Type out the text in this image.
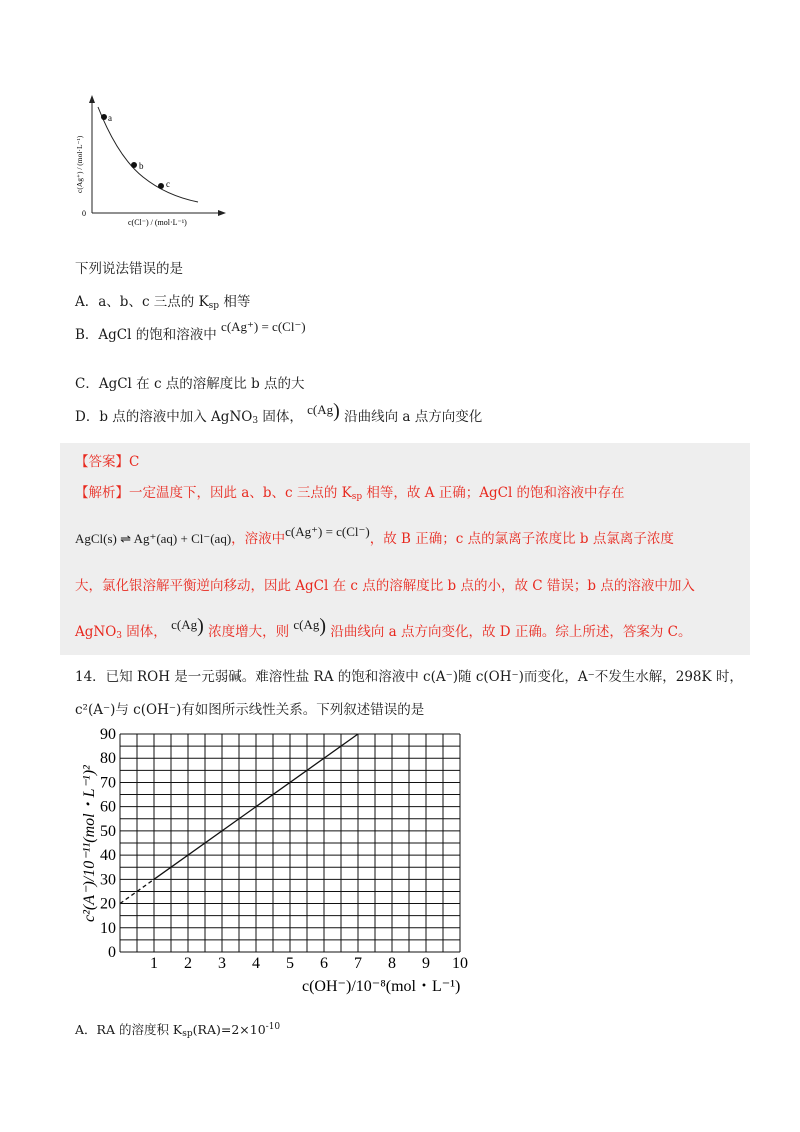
a
b
c
0
c(Cl⁻) / (mol·L⁻¹)
c(Ag⁺) / (mol·L⁻¹)
下列说法错误的是
A．a、b、c 三点的 $K_{sp}$ 相等
B．AgCl 的饱和溶液中 c(Ag⁺) = c(Cl⁻)
C．AgCl 在 c 点的溶解度比 b 点的大
D．b 点的溶液中加入 AgNO$_3$ 固体， c(Ag) 沿曲线向 a 点方向变化
【答案】C
【解析】一定温度下，因此 a、b、c 三点的 $K_{sp}$ 相等，故 A 正确；AgCl 的饱和溶液中存在
AgCl(s) ⇌ Ag⁺(aq) + Cl⁻(aq)，溶液中c(Ag⁺) = c(Cl⁻)，故 B 正确；c 点的氯离子浓度比 b 点氯离子浓度
大，氯化银溶解平衡逆向移动，因此 AgCl 在 c 点的溶解度比 b 点的小，故 C 错误；b 点的溶液中加入
AgNO$_3$ 固体， c(Ag) 浓度增大，则 c(Ag) 沿曲线向 a 点方向变化，故 D 正确。综上所述，答案为 C。
14．已知 ROH 是一元弱碱。难溶性盐 RA 的饱和溶液中 c(A⁻)随 c(OH⁻)而变化，A⁻不发生水解，298K 时，
c²(A⁻)与 c(OH⁻)有如图所示线性关系。下列叙述错误的是
0
10
20
30
40
50
60
70
80
90
1 2 3 4 5 6 7 8 9 10
c²(A⁻)/10⁻¹¹(mol・L⁻¹)²
c(OH⁻)/10⁻⁸(mol・L⁻¹)
A．RA 的溶度积 $K_{sp}(RA)=2\times 10^{-10}$
